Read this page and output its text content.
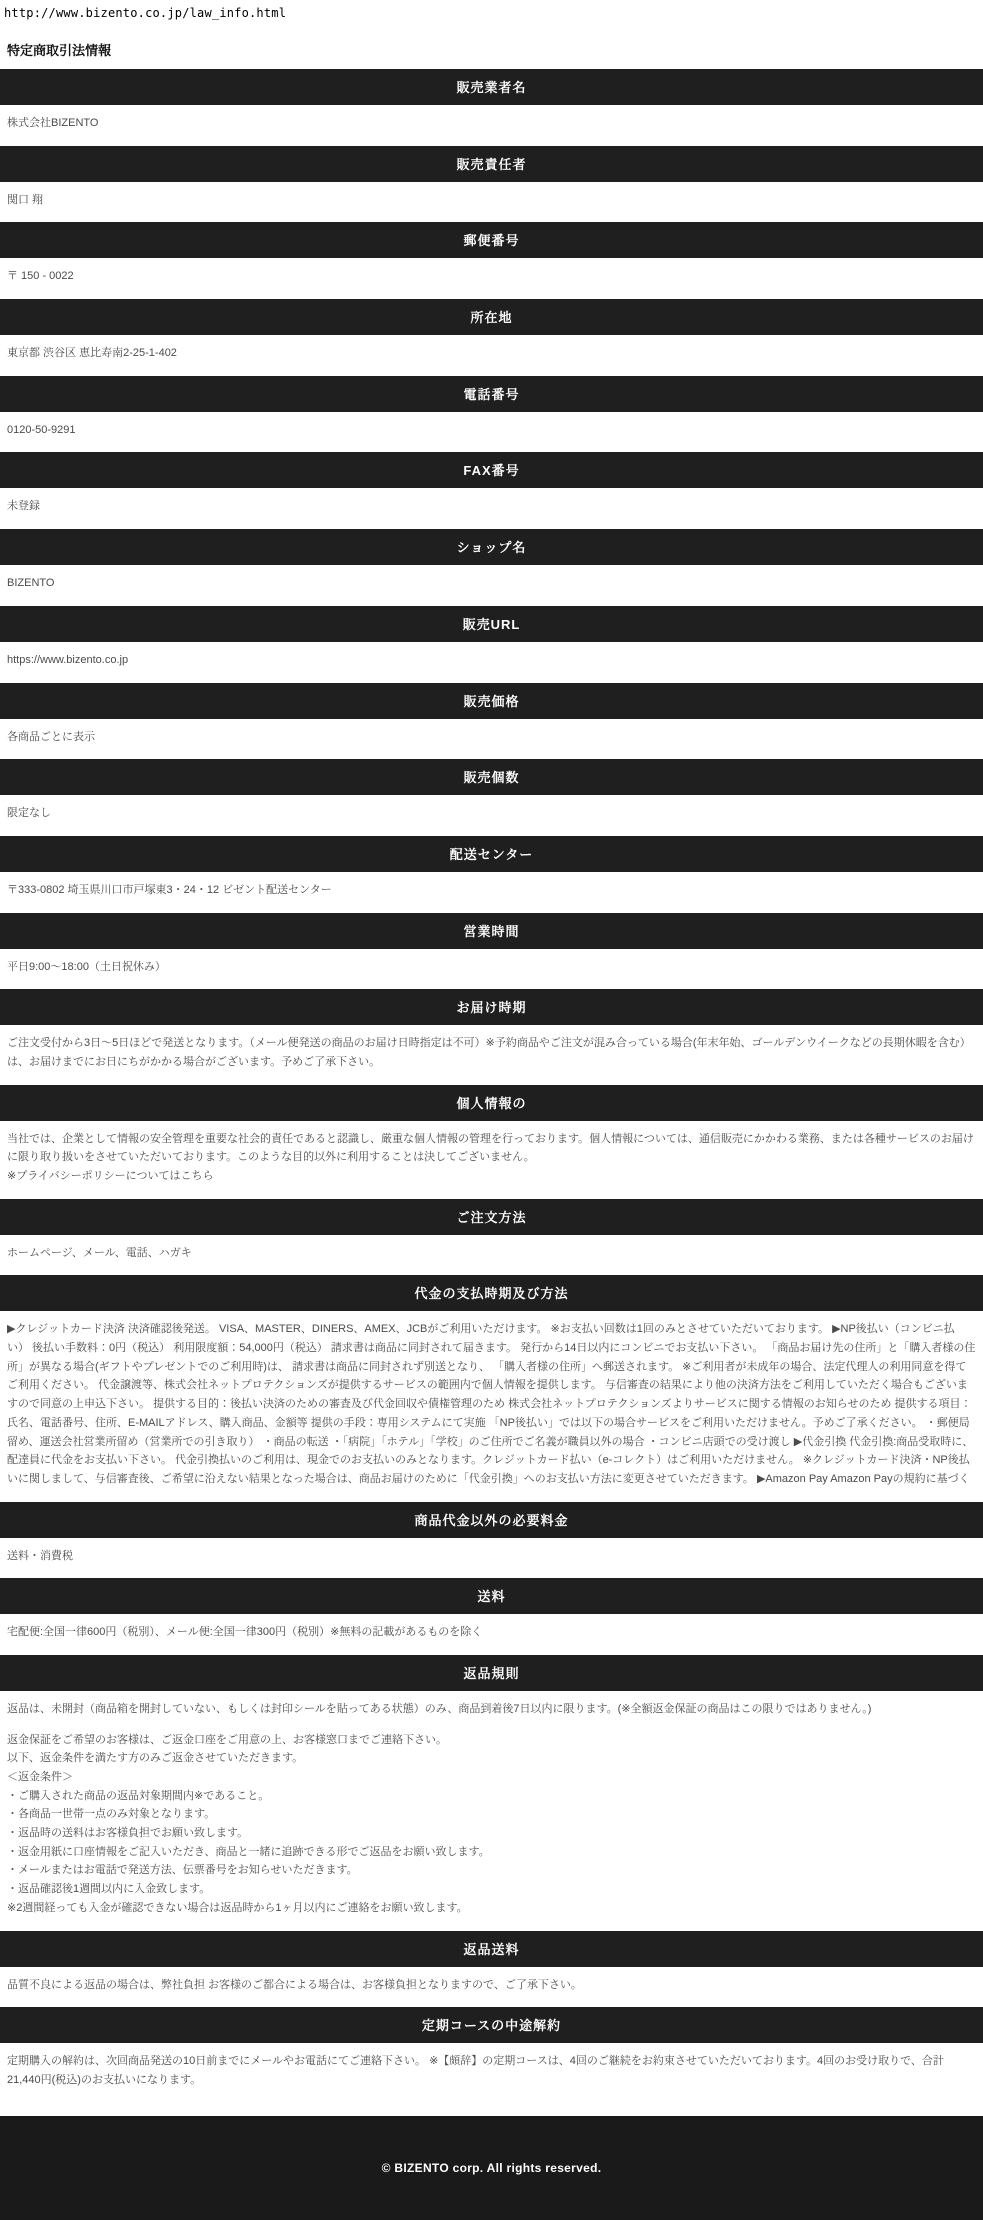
http://www.bizento.co.jp/law_info.html
特定商取引法情報
販売業者名
株式会社BIZENTO
販売責任者
関口 翔
郵便番号
〒 150 - 0022
所在地
東京都 渋谷区 恵比寿南2-25-1-402
電話番号
0120-50-9291
FAX番号
未登録
ショップ名
BIZENTO
販売URL
https://www.bizento.co.jp
販売価格
各商品ごとに表示
販売個数
限定なし
配送センター
〒333-0802 埼玉県川口市戸塚東3・24・12 ビゼント配送センター
営業時間
平日9:00〜18:00（土日祝休み）
お届け時期
ご注文受付から3日〜5日ほどで発送となります。（メール便発送の商品のお届け日時指定は不可）※予約商品やご注文が混み合っている場合(年末年始、ゴールデンウイークなどの長期休暇を含む）は、お届けまでにお日にちがかかる場合がございます。予めご了承下さい。
個人情報の
当社では、企業として情報の安全管理を重要な社会的責任であると認識し、厳重な個人情報の管理を行っております。個人情報については、通信販売にかかわる業務、または各種サービスのお届けに限り取り扱いをさせていただいております。このような目的以外に利用することは決してございません。
※プライバシーポリシーについてはこちら
ご注文方法
ホームページ、メール、電話、ハガキ
代金の支払時期及び方法
▶クレジットカード決済 決済確認後発送。 VISA、MASTER、DINERS、AMEX、JCBがご利用いただけます。 ※お支払い回数は1回のみとさせていただいております。 ▶NP後払い（コンビニ払い） 後払い手数料：0円（税込） 利用限度額：54,000円（税込） 請求書は商品に同封されて届きます。 発行から14日以内にコンビニでお支払い下さい。 「商品お届け先の住所」と「購入者様の住所」が異なる場合(ギフトやプレゼントでのご利用時)は、 請求書は商品に同封されず別送となり、 「購入者様の住所」へ郵送されます。 ※ご利用者が未成年の場合、法定代理人の利用同意を得てご利用ください。 代金譲渡等、株式会社ネットプロテクションズが提供するサービスの範囲内で個人情報を提供します。 与信審査の結果により他の決済方法をご利用していただく場合もございますので同意の上申込下さい。 提供する目的：後払い決済のための審査及び代金回収や債権管理のため 株式会社ネットプロテクションズよりサービスに関する情報のお知らせのため 提供する項目：氏名、電話番号、住所、E-MAILアドレス、購入商品、金額等 提供の手段：専用システムにて実施 「NP後払い」では以下の場合サービスをご利用いただけません。予めご了承ください。 ・郵便局留め、運送会社営業所留め（営業所での引き取り） ・商品の転送 ・「病院」「ホテル」「学校」のご住所でご名義が職員以外の場合 ・コンビニ店頭での受け渡し ▶代金引換 代金引換:商品受取時に、配達員に代金をお支払い下さい。 代金引換払いのご利用は、現金でのお支払いのみとなります。クレジットカード払い（e-コレクト）はご利用いただけません。 ※クレジットカード決済・NP後払いに関しまして、与信審査後、ご希望に沿えない結果となった場合は、商品お届けのために「代金引換」へのお支払い方法に変更させていただきます。 ▶Amazon Pay Amazon Payの規約に基づく
商品代金以外の必要料金
送料・消費税
送料
宅配便:全国一律600円（税別）、メール便:全国一律300円（税別）※無料の記載があるものを除く
返品規則
返品は、未開封（商品箱を開封していない、もしくは封印シールを貼ってある状態）のみ、商品到着後7日以内に限ります。(※全額返金保証の商品はこの限りではありません。)
返金保証をご希望のお客様は、ご返金口座をご用意の上、お客様窓口までご連絡下さい。
以下、返金条件を満たす方のみご返金させていただきます。
＜返金条件＞
・ご購入された商品の返品対象期間内※であること。
・各商品一世帯一点のみ対象となります。
・返品時の送料はお客様負担でお願い致します。
・返金用紙に口座情報をご記入いただき、商品と一緒に追跡できる形でご返品をお願い致します。
・メールまたはお電話で発送方法、伝票番号をお知らせいただきます。
・返品確認後1週間以内に入金致します。
※2週間経っても入金が確認できない場合は返品時から1ヶ月以内にご連絡をお願い致します。
返品送料
品質不良による返品の場合は、弊社負担 お客様のご都合による場合は、お客様負担となりますので、ご了承下さい。
定期コースの中途解約
定期購入の解約は、次回商品発送の10日前までにメールやお電話にてご連絡下さい。 ※【頗辞】の定期コースは、4回のご継続をお約束させていただいております。4回のお受け取りで、合計21,440円(税込)のお支払いになります。
© BIZENTO corp. All rights reserved.
